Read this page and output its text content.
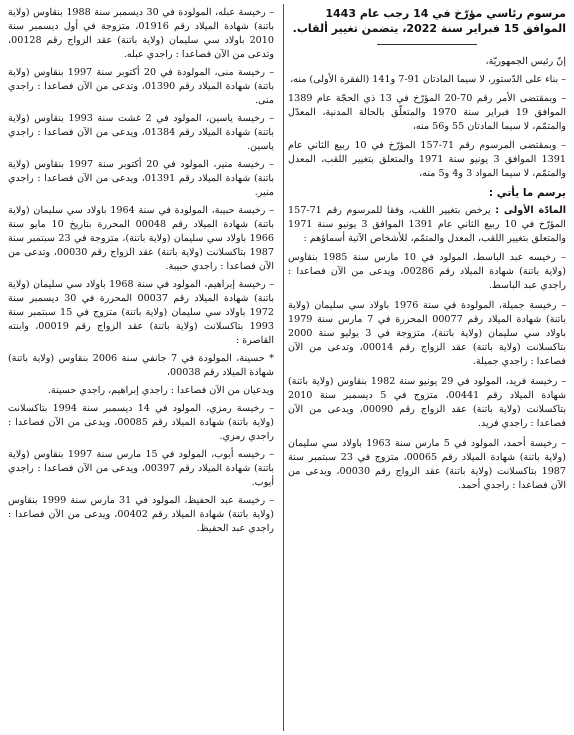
مرسوم رئاسي مؤرّخ في 14 رجب عام 1443 الموافق 15 فبراير سنة 2022، يتضمن تغيير ألقاب.

إنّ رئيس الجمهوريّة،

– بناء على الدّستور، لا سيما المادتان 91-7 و141 (الفقرة الأولى) منه،

– وبمقتضى الأمر رقم 70-20 المؤرّخ في 13 ذي الحجّة عام 1389 الموافق 19 فبراير سنة 1970 والمتعلّق بالحالة المدنية، المعدّل والمتمّم، لا سيما المادتان 55 و56 منه،

– وبمقتضى المرسوم رقم 71-157 المؤرّخ في 10 ربيع الثاني عام 1391 الموافق 3 يونيو سنة 1971 والمتعلق بتغيير اللقب، المعدل والمتمّم، لا سيما المواد 3 و4 و5 منه،

يرسم ما يأتي :

المادّة الأولى : يرخص بتغيير اللقب، وفقا للمرسوم رقم 71-157 المؤرّخ في 10 ربيع الثاني عام 1391 الموافق 3 يونيو سنة 1971 والمتعلق بتغيير اللقب، المعدل والمتمّم، للأشخاص الآتية أسماؤهم :

– رخيسه عبد الباسط، المولود في 10 مارس سنة 1985 بنقاوس (ولاية باتنة) شهادة الميلاد رقم 00286، ويدعى من الآن فصاعدا : راجدي عبد الباسط.

– رخيسة جميلة، المولودة في سنة 1976 باولاد سي سليمان (ولاية باتنة) شهادة الميلاد رقم 00077 المحررة في 7 مارس سنة 1979 باولاد سي سليمان (ولاية باتنة)، متزوجة في 3 يوليو سنة 2000 بتاكسلانت (ولاية باتنة) عقد الزواج رقم 00014، وتدعى من الآن فصاعدا : راجدي جميلة.

– رخيسة فريد، المولود في 29 يونيو سنة 1982 بنقاوس (ولاية باتنة) شهادة الميلاد رقم 00441، متزوج في 5 ديسمبر سنة 2010 بتاكسلانت (ولاية باتنة) عقد الزواج رقم 00090، ويدعى من الآن فصاعدا : راجدي فريد.

– رخيسة أحمد، المولود في 5 مارس سنة 1963 باولاد سي سليمان (ولاية باتنة) شهادة الميلاد رقم 00065، متزوج في 23 سبتمبر سنة 1987 بتاكسلانت (ولاية باتنة) عقد الزواج رقم 00030، ويدعى من الآن فصاعدا : راجدي أحمد.

– رخيسة عبله، المولودة في 30 ديسمبر سنة 1988 بنقاوس (ولاية باتنة) شهادة الميلاد رقم 01916، متزوجة في أول ديسمبر سنة 2010 باولاد سي سليمان (ولاية باتنة) عقد الزواج رقم 00128، وتدعى من الآن فصاعدا : راجدي عبله.

– رخيسة منى، المولودة في 20 أكتوبر سنة 1997 بنقاوس (ولاية باتنة) شهادة الميلاد رقم 01390، وتدعى من الآن فصاعدا : راجدي منى.

– رخيسة ياسين، المولود في 2 غشت سنة 1993 بنقاوس (ولاية باتنة) شهادة الميلاد رقم 01384، ويدعى من الآن فصاعدا : راجدي ياسين.

– رخيسة منير، المولود في 20 أكتوبر سنة 1997 بنقاوس (ولاية باتنة) شهادة الميلاد رقم 01391، ويدعى من الآن فصاعدا : راجدي منير.

– رخيسة حبيبة، المولودة في سنة 1964 باولاد سي سليمان (ولاية باتنة) شهادة الميلاد رقم 00048 المحررة بتاريخ 10 مايو سنة 1966 باولاد سي سليمان (ولاية باتنة)، متزوجة في 23 سبتمبر سنة 1987 بتاكسلانت (ولاية باتنة) عقد الزواج رقم 00030، وتدعى من الآن فصاعدا : راجدي حبيبة.

– رخيسة إبراهيم، المولود في سنة 1968 باولاد سي سليمان (ولاية باتنة) شهادة الميلاد رقم 00037 المحررة في 30 ديسمبر سنة 1972 باولاد سي سليمان (ولاية باتنة) متزوج في 15 سبتمبر سنة 1993 بتاكسلانت (ولاية باتنة) عقد الزواج رقم 00019، وابنته القاصرة :

* حسينة، المولودة في 7 جانفي سنة 2006 بنقاوس (ولاية باتنة) شهادة الميلاد رقم 00038،

ويدعيان من الآن فصاعدا : راجدي إبراهيم، راجدي حسينة.

– رخيسة رمزي، المولود في 14 ديسمبر سنة 1994 بتاكسلانت (ولاية باتنة) شهادة الميلاد رقم 00085، ويدعى من الآن فصاعدا : راجدي رمزي.

– رخيسه أيوب، المولود في 15 مارس سنة 1997 بنقاوس (ولاية باتنة) شهادة الميلاد رقم 00397، ويدعى من الآن فصاعدا : راجدي أيوب.

– رخيسة عبد الحفيظ، المولود في 31 مارس سنة 1999 بنقاوس (ولاية باتنة) شهادة الميلاد رقم 00402، ويدعى من الآن فصاعدا : راجدي عبد الحفيظ.
